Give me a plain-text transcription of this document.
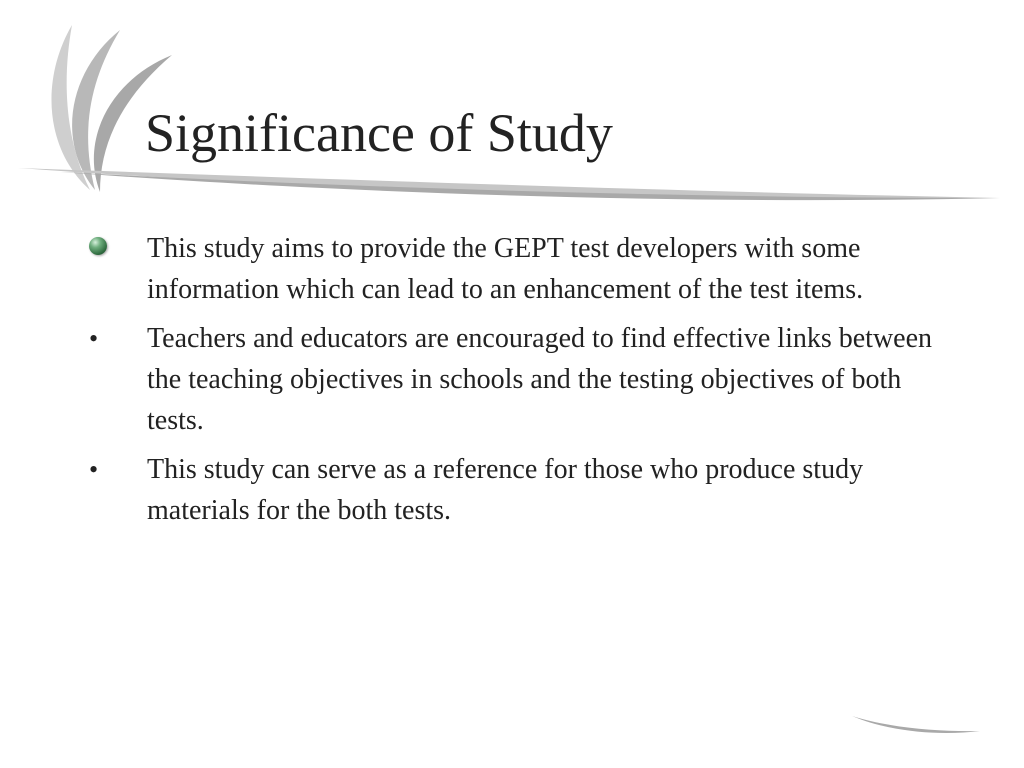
Significance of Study
This study aims to provide the GEPT test developers with some information which can lead to an enhancement of the test items.
• Teachers and educators are encouraged to find effective links between the teaching objectives in schools and the testing objectives of both tests.
• This study can serve as a reference for those who produce study materials for the both tests.
